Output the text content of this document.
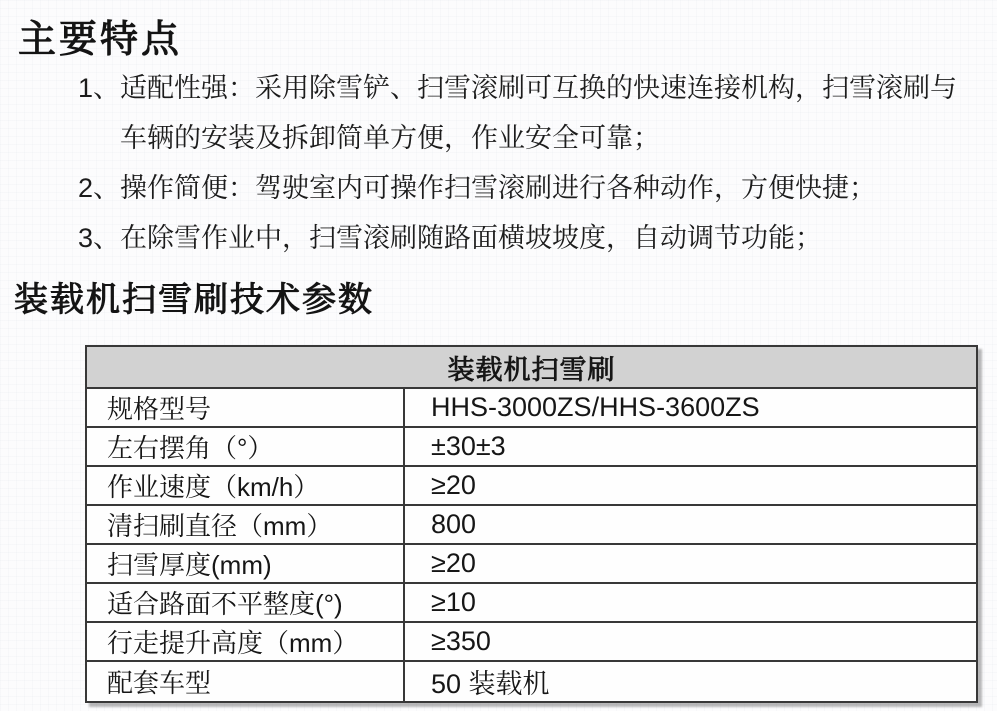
主要特点
1、 适配性强：采用除雪铲、扫雪滚刷可互换的快速连接机构，扫雪滚刷与车辆的安装及拆卸简单方便，作业安全可靠；
2、 操作简便：驾驶室内可操作扫雪滚刷进行各种动作，方便快捷；
3、 在除雪作业中，扫雪滚刷随路面横坡坡度，自动调节功能；
装载机扫雪刷技术参数
装载机扫雪刷	
规格型号	HHS-3000ZS/HHS-3600ZS
左右摆角（°）	±30±3
作业速度（km/h）	≥20
清扫刷直径（mm）	800
扫雪厚度(mm)	≥20
适合路面不平整度(°)	≥10
行走提升高度（mm）	≥350
配套车型	50 装载机
